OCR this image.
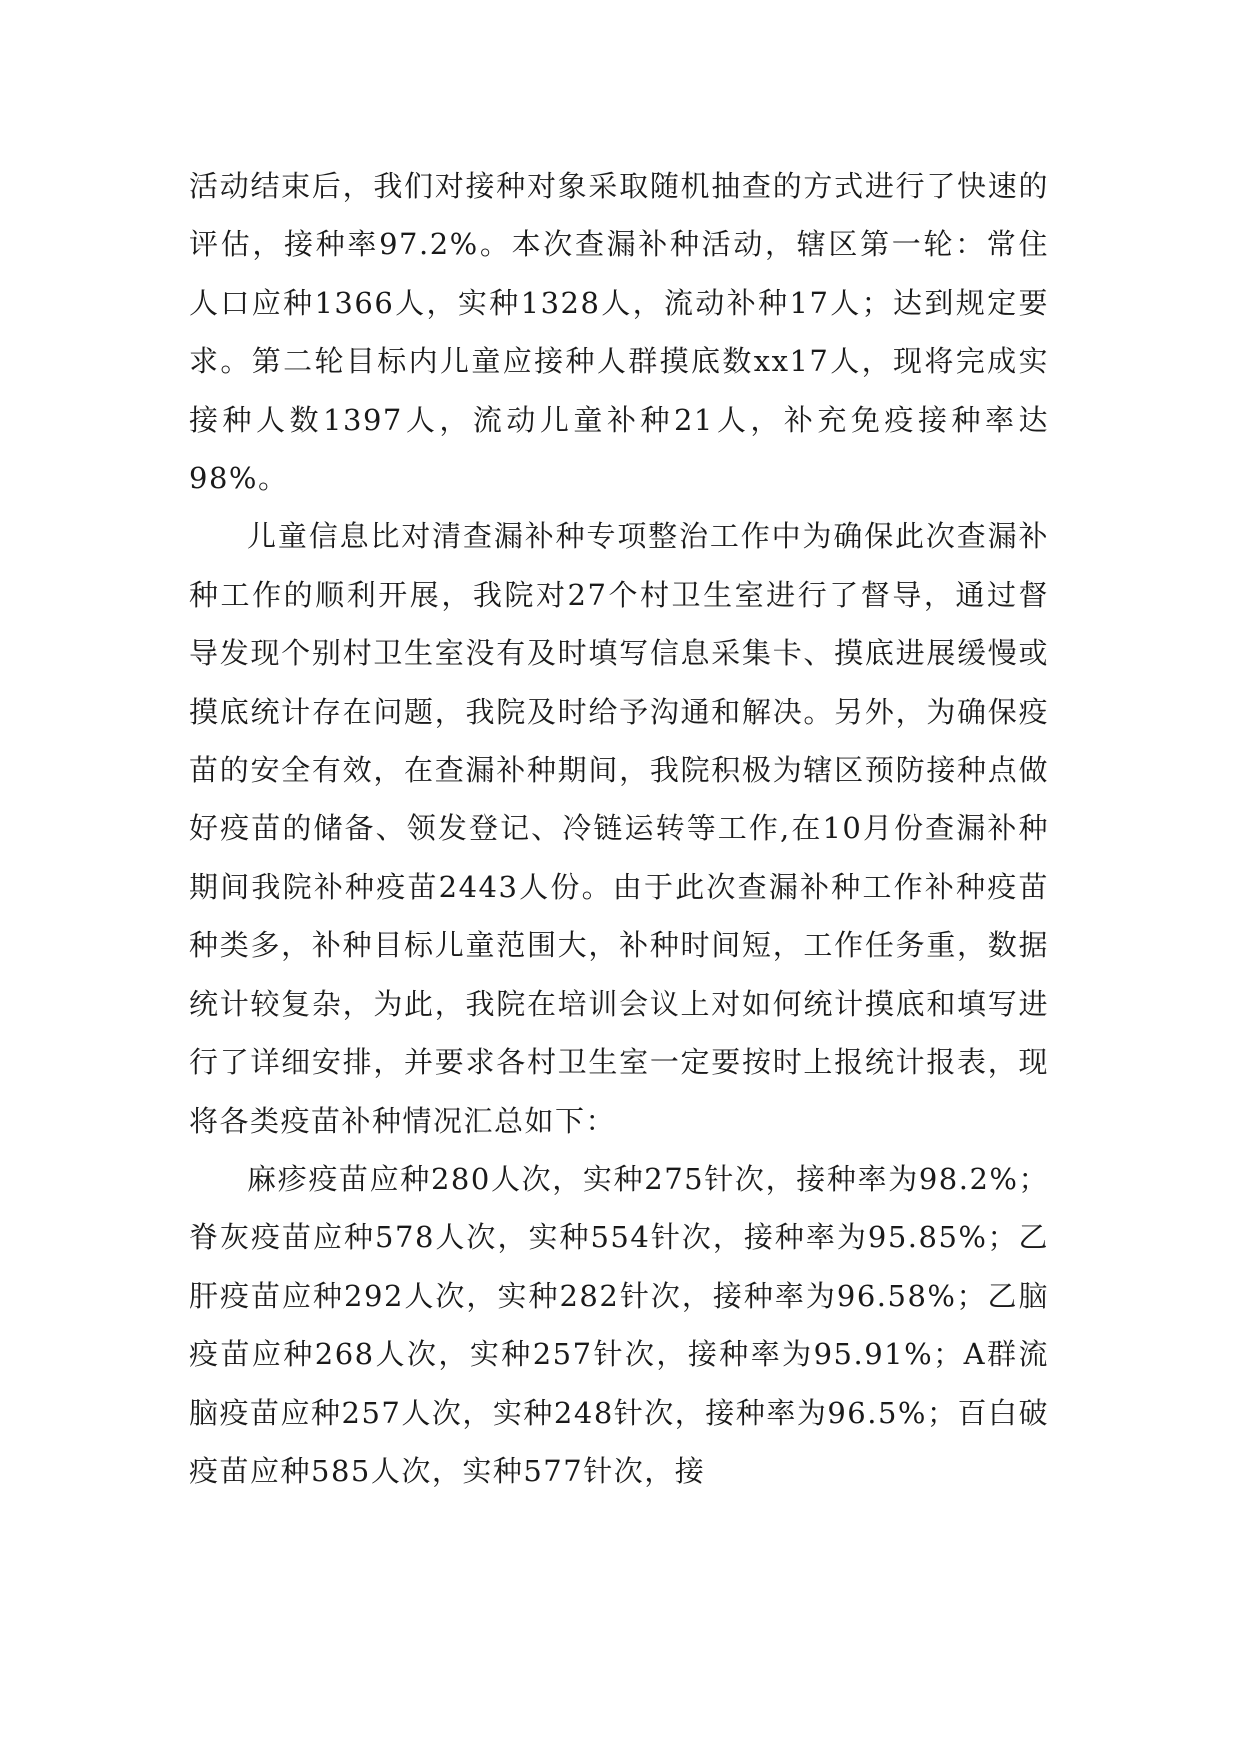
活动结束后，我们对接种对象采取随机抽查的方式进行了快速的评估，接种率97.2%。本次查漏补种活动，辖区第一轮：常住人口应种1366人，实种1328人，流动补种17人；达到规定要求。第二轮目标内儿童应接种人群摸底数xx17人，现将完成实接种人数1397人，流动儿童补种21人，补充免疫接种率达98%。

儿童信息比对清查漏补种专项整治工作中为确保此次查漏补种工作的顺利开展，我院对27个村卫生室进行了督导，通过督导发现个别村卫生室没有及时填写信息采集卡、摸底进展缓慢或摸底统计存在问题，我院及时给予沟通和解决。另外，为确保疫苗的安全有效，在查漏补种期间，我院积极为辖区预防接种点做好疫苗的储备、领发登记、冷链运转等工作,在10月份查漏补种期间我院补种疫苗2443人份。由于此次查漏补种工作补种疫苗种类多，补种目标儿童范围大，补种时间短，工作任务重，数据统计较复杂，为此，我院在培训会议上对如何统计摸底和填写进行了详细安排，并要求各村卫生室一定要按时上报统计报表，现将各类疫苗补种情况汇总如下：

麻疹疫苗应种280人次，实种275针次，接种率为98.2%；脊灰疫苗应种578人次，实种554针次，接种率为95.85%；乙肝疫苗应种292人次，实种282针次，接种率为96.58%；乙脑疫苗应种268人次，实种257针次，接种率为95.91%；A群流脑疫苗应种257人次，实种248针次，接种率为96.5%；百白破疫苗应种585人次，实种577针次，接
